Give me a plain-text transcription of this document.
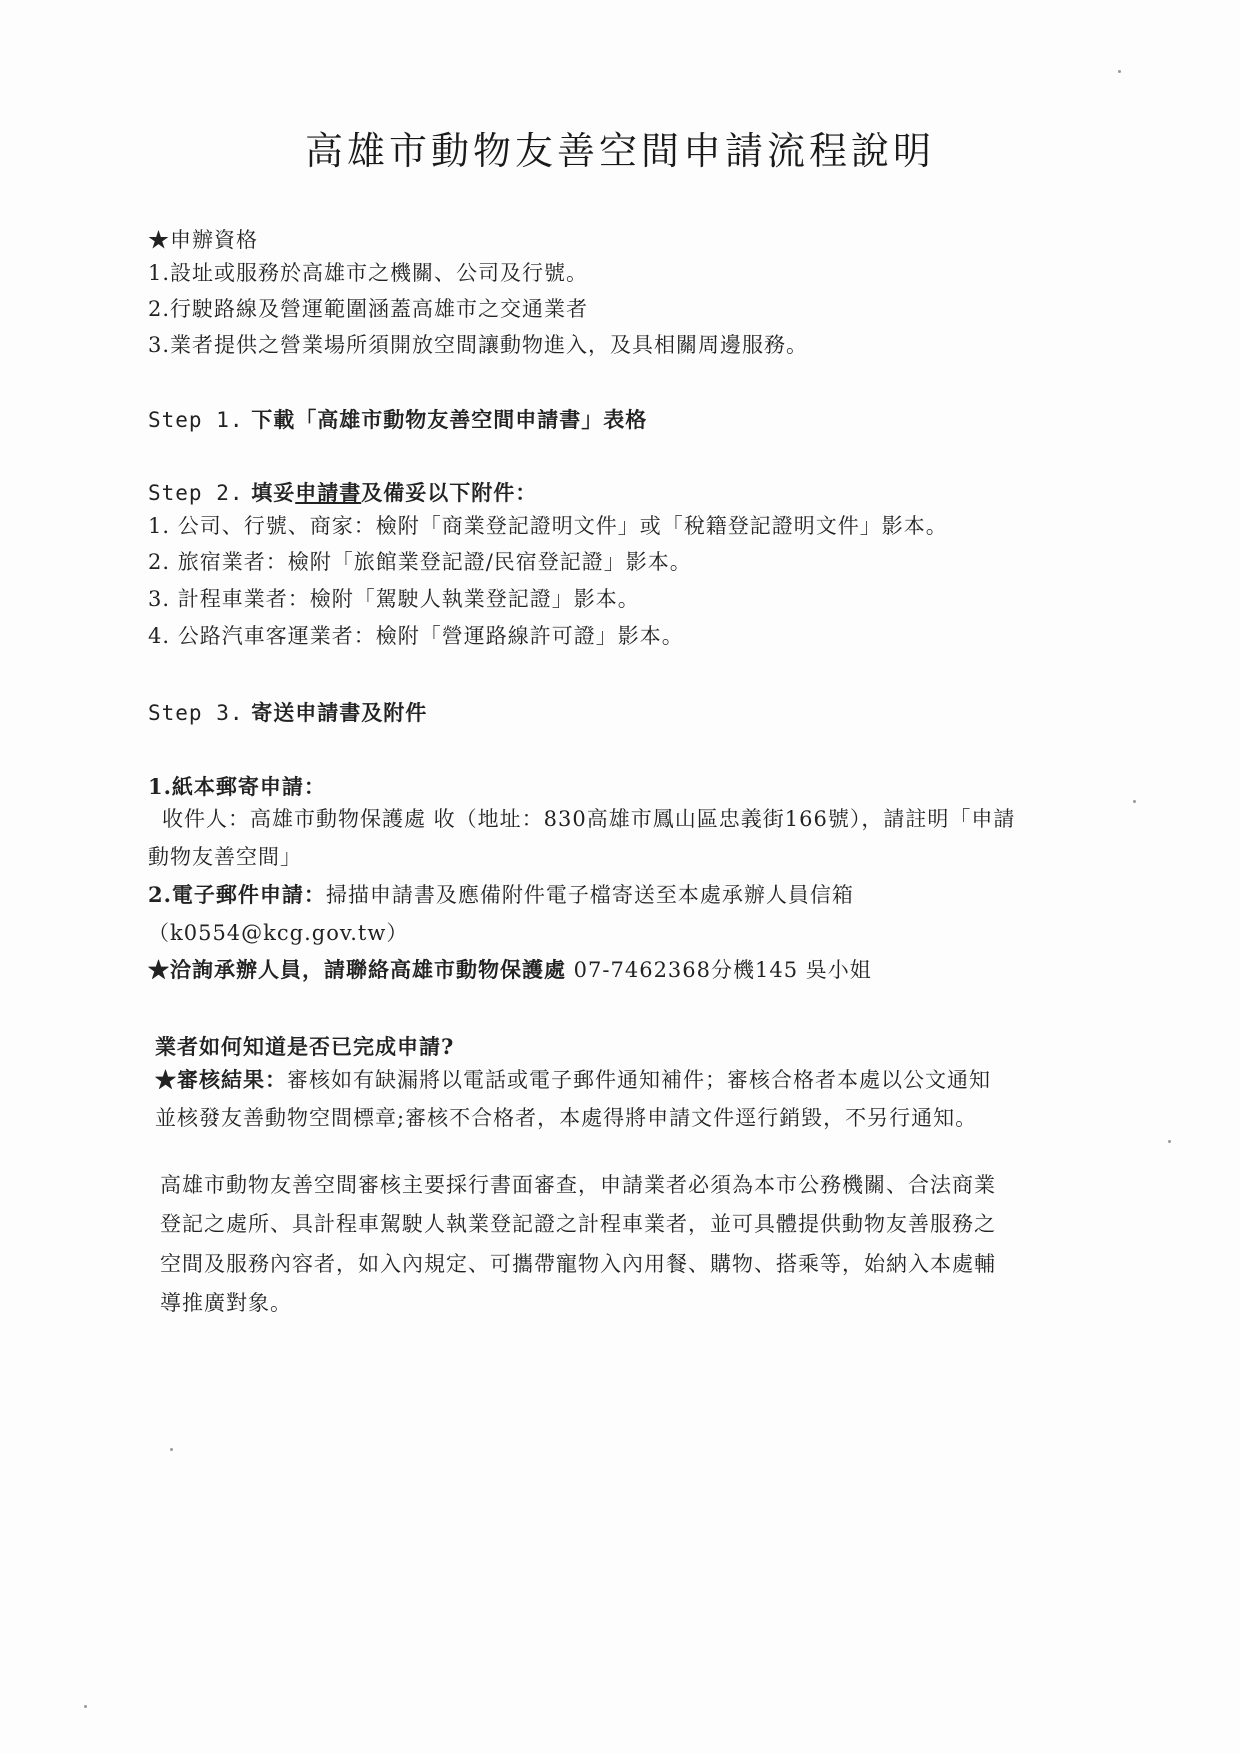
高雄市動物友善空間申請流程說明
★申辦資格
1.設址或服務於高雄市之機關、公司及行號。
2.行駛路線及營運範圍涵蓋高雄市之交通業者
3.業者提供之營業場所須開放空間讓動物進入，及具相關周邊服務。
Step 1. 下載「高雄市動物友善空間申請書」表格
Step 2. 填妥申請書及備妥以下附件：
1. 公司、行號、商家：檢附「商業登記證明文件」或「稅籍登記證明文件」影本。
2. 旅宿業者：檢附「旅館業登記證/民宿登記證」影本。
3. 計程車業者：檢附「駕駛人執業登記證」影本。
4. 公路汽車客運業者：檢附「營運路線許可證」影本。
Step 3. 寄送申請書及附件
1.紙本郵寄申請：
收件人：高雄市動物保護處 收（地址：830高雄市鳳山區忠義街166號），請註明「申請
動物友善空間」
2.電子郵件申請：掃描申請書及應備附件電子檔寄送至本處承辦人員信箱
（k0554@kcg.gov.tw）
★洽詢承辦人員，請聯絡高雄市動物保護處 07-7462368分機145 吳小姐
業者如何知道是否已完成申請?
★審核結果：審核如有缺漏將以電話或電子郵件通知補件；審核合格者本處以公文通知
並核發友善動物空間標章;審核不合格者，本處得將申請文件逕行銷毀，不另行通知。
高雄市動物友善空間審核主要採行書面審查，申請業者必須為本市公務機關、合法商業
登記之處所、具計程車駕駛人執業登記證之計程車業者，並可具體提供動物友善服務之
空間及服務內容者，如入內規定、可攜帶寵物入內用餐、購物、搭乘等，始納入本處輔
導推廣對象。
